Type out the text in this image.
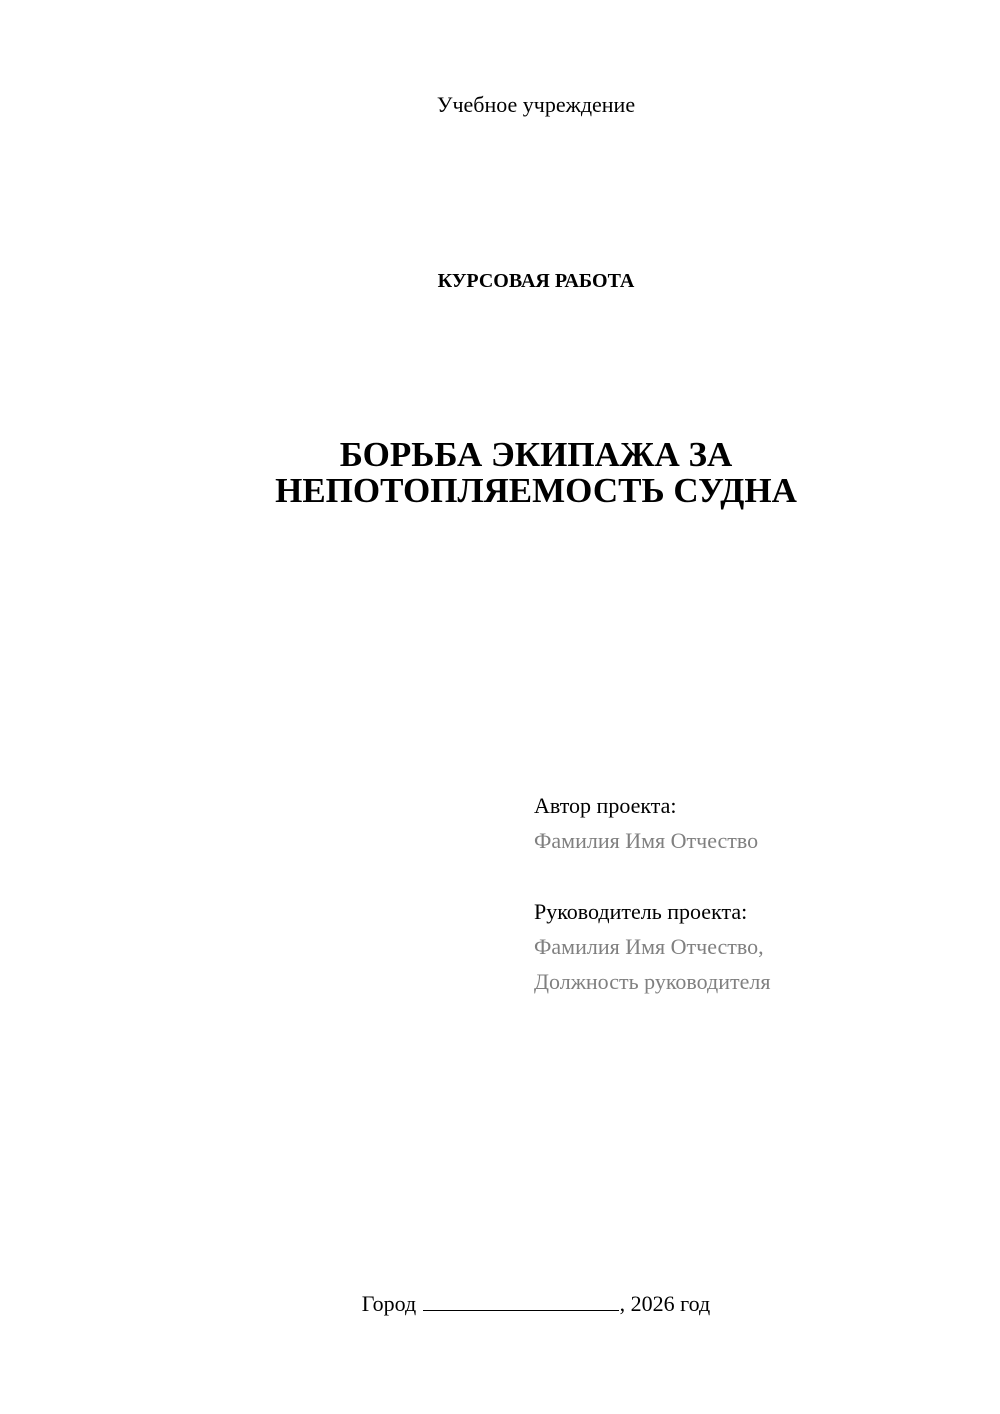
Учебное учреждение
КУРСОВАЯ РАБОТА
БОРЬБА ЭКИПАЖА ЗА
НЕПОТОПЛЯЕМОСТЬ СУДНА
Автор проекта:
Фамилия Имя Отчество
Руководитель проекта:
Фамилия Имя Отчество,
Должность руководителя
Город	, 2026 год
